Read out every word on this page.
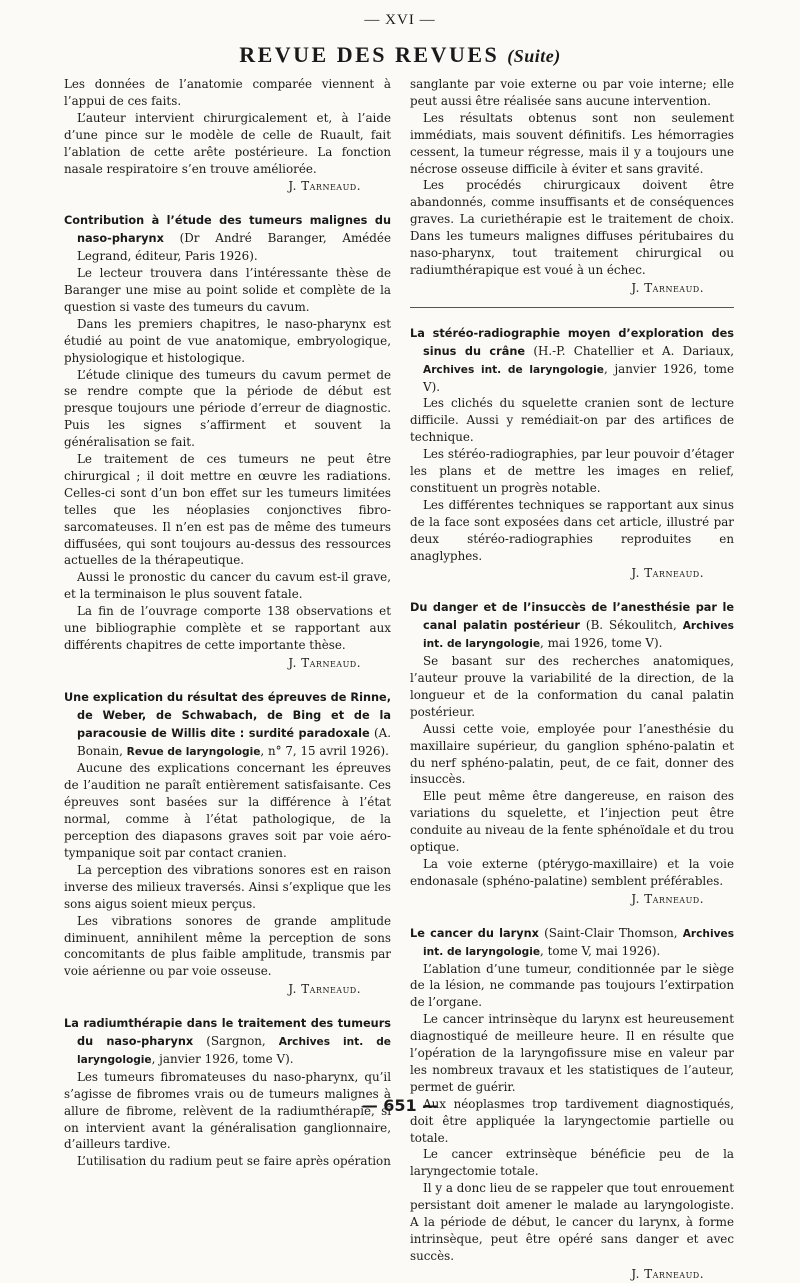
— XVI —
REVUE DES REVUES (Suite)

Les données de l’anatomie comparée viennent à l’appui de ces faits.

L’auteur intervient chirurgicalement et, à l’aide d’une pince sur le modèle de celle de Ruault, fait l’ablation de cette arête postérieure. La fonction nasale respiratoire s’en trouve améliorée.

J. Tarneaud.

Contribution à l’étude des tumeurs malignes du naso-pharynx (Dr André Baranger, Amédée Legrand, éditeur, Paris 1926).

Le lecteur trouvera dans l’intéressante thèse de Baranger une mise au point solide et complète de la question si vaste des tumeurs du cavum.

Dans les premiers chapitres, le naso-pharynx est étudié au point de vue anatomique, embryologique, physiologique et histologique.

L’étude clinique des tumeurs du cavum permet de se rendre compte que la période de début est presque toujours une période d’erreur de diagnostic. Puis les signes s’affirment et souvent la généralisation se fait.

Le traitement de ces tumeurs ne peut être chirurgical ; il doit mettre en œuvre les radiations. Celles-ci sont d’un bon effet sur les tumeurs limitées telles que les néoplasies conjonctives fibro-sarcomateuses. Il n’en est pas de même des tumeurs diffusées, qui sont toujours au-dessus des ressources actuelles de la thérapeutique.

Aussi le pronostic du cancer du cavum est-il grave, et la terminaison le plus souvent fatale.

La fin de l’ouvrage comporte 138 observations et une bibliographie complète et se rapportant aux différents chapitres de cette importante thèse.

J. Tarneaud.

Une explication du résultat des épreuves de Rinne, de Weber, de Schwabach, de Bing et de la paracousie de Willis dite : surdité paradoxale (A. Bonain, Revue de laryngologie, n° 7, 15 avril 1926).

Aucune des explications concernant les épreuves de l’audition ne paraît entièrement satisfaisante. Ces épreuves sont basées sur la différence à l’état normal, comme à l’état pathologique, de la perception des diapasons graves soit par voie aéro-tympanique soit par contact cranien.

La perception des vibrations sonores est en raison inverse des milieux traversés. Ainsi s’explique que les sons aigus soient mieux perçus.

Les vibrations sonores de grande amplitude diminuent, annihilent même la perception de sons concomitants de plus faible amplitude, transmis par voie aérienne ou par voie osseuse.

J. Tarneaud.

La radiumthérapie dans le traitement des tumeurs du naso-pharynx (Sargnon, Archives int. de laryngologie, janvier 1926, tome V).

Les tumeurs fibromateuses du naso-pharynx, qu’il s’agisse de fibromes vrais ou de tumeurs malignes à allure de fibrome, relèvent de la radiumthérapie, si on intervient avant la généralisation ganglionnaire, d’ailleurs tardive.

L’utilisation du radium peut se faire après opération

sanglante par voie externe ou par voie interne; elle peut aussi être réalisée sans aucune intervention.

Les résultats obtenus sont non seulement immédiats, mais souvent définitifs. Les hémorragies cessent, la tumeur régresse, mais il y a toujours une nécrose osseuse difficile à éviter et sans gravité.

Les procédés chirurgicaux doivent être abandonnés, comme insuffisants et de conséquences graves. La curiethérapie est le traitement de choix. Dans les tumeurs malignes diffuses péritubaires du naso-pharynx, tout traitement chirurgical ou radiumthérapique est voué à un échec.

J. Tarneaud.

La stéréo-radiographie moyen d’exploration des sinus du crâne (H.-P. Chatellier et A. Dariaux, Archives int. de laryngologie, janvier 1926, tome V).

Les clichés du squelette cranien sont de lecture difficile. Aussi y remédiait-on par des artifices de technique.

Les stéréo-radiographies, par leur pouvoir d’étager les plans et de mettre les images en relief, constituent un progrès notable.

Les différentes techniques se rapportant aux sinus de la face sont exposées dans cet article, illustré par deux stéréo-radiographies reproduites en anaglyphes.

J. Tarneaud.

Du danger et de l’insuccès de l’anesthésie par le canal palatin postérieur (B. Sékoulitch, Archives int. de laryngologie, mai 1926, tome V).

Se basant sur des recherches anatomiques, l’auteur prouve la variabilité de la direction, de la longueur et de la conformation du canal palatin postérieur.

Aussi cette voie, employée pour l’anesthésie du maxillaire supérieur, du ganglion sphéno-palatin et du nerf sphéno-palatin, peut, de ce fait, donner des insuccès.

Elle peut même être dangereuse, en raison des variations du squelette, et l’injection peut être conduite au niveau de la fente sphénoïdale et du trou optique.

La voie externe (ptérygo-maxillaire) et la voie endonasale (sphéno-palatine) semblent préférables.

J. Tarneaud.

Le cancer du larynx (Saint-Clair Thomson, Archives int. de laryngologie, tome V, mai 1926).

L’ablation d’une tumeur, conditionnée par le siège de la lésion, ne commande pas toujours l’extirpation de l’organe.

Le cancer intrinsèque du larynx est heureusement diagnostiqué de meilleure heure. Il en résulte que l’opération de la laryngofissure mise en valeur par les nombreux travaux et les statistiques de l’auteur, permet de guérir.

Aux néoplasmes trop tardivement diagnostiqués, doit être appliquée la laryngectomie partielle ou totale.

Le cancer extrinsèque bénéficie peu de la laryngectomie totale.

Il y a donc lieu de se rappeler que tout enrouement persistant doit amener le malade au laryngologiste. A la période de début, le cancer du larynx, à forme intrinsèque, peut être opéré sans danger et avec succès.

J. Tarneaud.

— 651 —
